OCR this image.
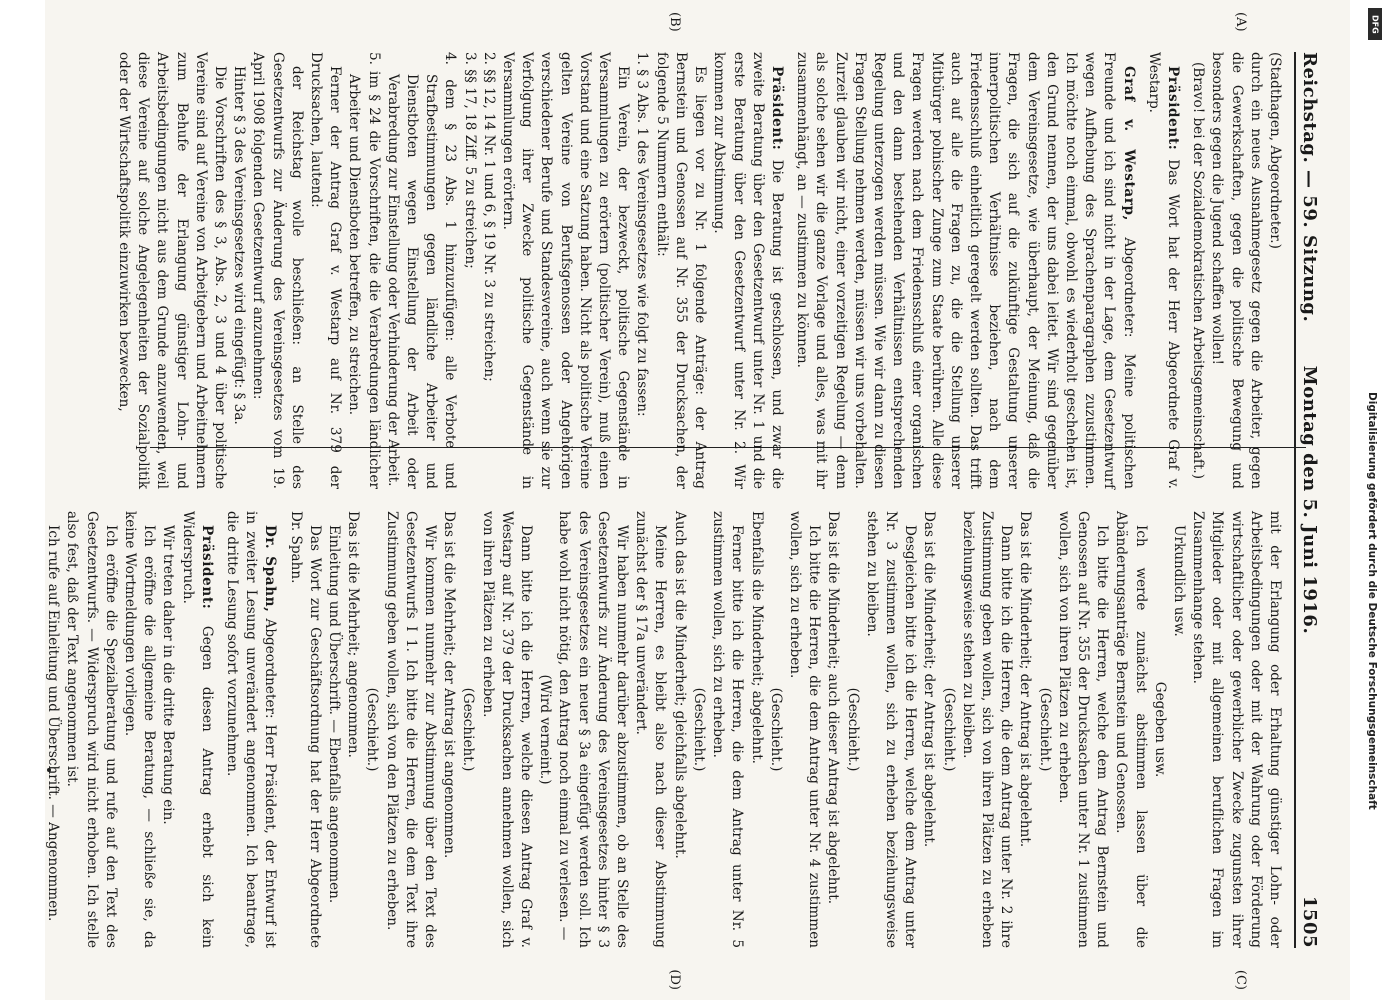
Reichstag. — 59. Sitzung.
Montag den 5. Juni 1916.
1505
(A)
(B)

(Stadthagen, Abgeordneter.)

durch ein neues Ausnahmegesetz gegen die Arbeiter, gegen die Gewerkschaften, gegen die politische Bewegung und besonders gegen die Jugend schaffen wollen!

(Bravo! bei der Sozialdemokratischen Arbeitsgemeinschaft.)

Präsident: Das Wort hat der Herr Abgeordnete Graf v. Westarp.

Graf v. Westarp, Abgeordneter: Meine politischen Freunde und ich sind nicht in der Lage, dem Gesetzentwurf wegen Aufhebung des Sprachenparagraphen zuzustimmen. Ich möchte noch einmal, obwohl es wiederholt geschehen ist, den Grund nennen, der uns dabei leitet. Wir sind gegenüber dem Vereinsgesetze, wie überhaupt, der Meinung, daß die Fragen, die sich auf die zukünftige Gestaltung unserer innerpolitischen Verhältnisse beziehen, nach dem Friedensschluß einheitlich geregelt werden sollten. Das trifft auch auf alle die Fragen zu, die die Stellung unserer Mitbürger polnischer Zunge zum Staate berühren. Alle diese Fragen werden nach dem Friedensschluß einer organischen und den dann bestehenden Verhältnissen entsprechenden Regelung unterzogen werden müssen. Wie wir dann zu diesen Fragen Stellung nehmen werden, müssen wir uns vorbehalten. Zurzeit glauben wir nicht, einer vorzeitigen Regelung — denn als solche sehen wir die ganze Vorlage und alles, was mit ihr zusammenhängt, an — zustimmen zu können.

Präsident: Die Beratung ist geschlossen, und zwar die zweite Beratung über den Gesetzentwurf unter Nr. 1 und die erste Beratung über den Gesetzentwurf unter Nr. 2. Wir kommen zur Abstimmung.

Es liegen vor zu Nr. 1 folgende Anträge: der Antrag Bernstein und Genossen auf Nr. 355 der Drucksachen, der folgende 5 Nummern enthält:

1. § 3 Abs. 1 des Vereinsgesetzes wie folgt zu fassen:

Ein Verein, der bezweckt, politische Gegenstände in Versammlungen zu erörtern (politischer Verein), muß einen Vorstand und eine Satzung haben. Nicht als politische Vereine gelten Vereine von Berufsgenossen oder Angehörigen verschiedener Berufe und Standesvereine, auch wenn sie zur Verfolgung ihrer Zwecke politische Gegenstände in Versammlungen erörtern.

2. §§ 12, 14 Nr. 1 und 6, § 19 Nr. 3 zu streichen;

3. §§ 17, 18 Ziff. 5 zu streichen;

4. dem § 23 Abs. 1 hinzuzufügen: alle Verbote und Strafbestimmungen gegen ländliche Arbeiter und Dienstboten wegen Einstellung der Arbeit oder Verabredung zur Einstellung oder Verhinderung der Arbeit.

5. im § 24 die Vorschriften, die die Verabredungen ländlicher Arbeiter und Dienstboten betreffen, zu streichen.

Ferner der Antrag Graf v. Westarp auf Nr. 379 der Drucksachen, lautend:

der Reichstag wolle beschließen: an Stelle des Gesetzentwurfs zur Änderung des Vereinsgesetzes vom 19. April 1908 folgenden Gesetzentwurf anzunehmen:

Hinter § 3 des Vereinsgesetzes wird eingefügt: § 3a.

Die Vorschriften des § 3, Abs. 2, 3 und 4 über politische Vereine sind auf Vereine von Arbeitgebern und Arbeitnehmern zum Behufe der Erlangung günstiger Lohn- und Arbeitsbedingungen nicht aus dem Grunde anzuwenden, weil diese Vereine auf solche Angelegenheiten der Sozialpolitik oder der Wirtschaftspolitik einzuwirken bezwecken,

(C)
(D)

mit der Erlangung oder Erhaltung günstiger Lohn- oder Arbeitsbedingungen oder mit der Wahrung oder Förderung wirtschaftlicher oder gewerblicher Zwecke zugunsten ihrer Mitglieder oder mit allgemeinen beruflichen Fragen im Zusammenhange stehen.

Urkundlich usw.

Gegeben usw.

Ich werde zunächst abstimmen lassen über die Abänderungsanträge Bernstein und Genossen.

Ich bitte die Herren, welche dem Antrag Bernstein und Genossen auf Nr. 355 der Drucksachen unter Nr. 1 zustimmen wollen, sich von ihren Plätzen zu erheben.

(Geschieht.)

Das ist die Minderheit; der Antrag ist abgelehnt.

Dann bitte ich die Herren, die dem Antrag unter Nr. 2 ihre Zustimmung geben wollen, sich von ihren Plätzen zu erheben beziehungsweise stehen zu bleiben.

(Geschieht.)

Das ist die Minderheit; der Antrag ist abgelehnt.

Desgleichen bitte ich die Herren, welche dem Antrag unter Nr. 3 zustimmen wollen, sich zu erheben beziehungsweise stehen zu bleiben.

(Geschieht.)

Das ist die Minderheit; auch dieser Antrag ist abgelehnt.

Ich bitte die Herren, die dem Antrag unter Nr. 4 zustimmen wollen, sich zu erheben.

(Geschieht.)

Ebenfalls die Minderheit; abgelehnt.

Ferner bitte ich die Herren, die dem Antrag unter Nr. 5 zustimmen wollen, sich zu erheben.

(Geschieht.)

Auch das ist die Minderheit; gleichfalls abgelehnt.

Meine Herren, es bleibt also nach dieser Abstimmung zunächst der § 17a unverändert.

Wir haben nunmehr darüber abzustimmen, ob an Stelle des Gesetzentwurfs zur Änderung des Vereinsgesetzes hinter § 3 des Vereinsgesetzes ein neuer § 3a eingefügt werden soll. Ich habe wohl nicht nötig, den Antrag noch einmal zu verlesen. —

(Wird verneint.)

Dann bitte ich die Herren, welche diesen Antrag Graf v. Westarp auf Nr. 379 der Drucksachen annehmen wollen, sich von ihren Plätzen zu erheben.

(Geschieht.)

Das ist die Mehrheit; der Antrag ist angenommen.

Wir kommen nunmehr zur Abstimmung über den Text des Gesetzentwurfs I 1. Ich bitte die Herren, die dem Text ihre Zustimmung geben wollen, sich von den Plätzen zu erheben.

(Geschieht.)

Das ist die Mehrheit; angenommen.

Einleitung und Überschrift. — Ebenfalls angenommen.

Das Wort zur Geschäftsordnung hat der Herr Abgeordnete Dr. Spahn.

Dr. Spahn, Abgeordneter: Herr Präsident, der Entwurf ist in zweiter Lesung unverändert angenommen. Ich beantrage, die dritte Lesung sofort vorzunehmen.

Präsident: Gegen diesen Antrag erhebt sich kein Widerspruch.

Wir treten daher in die dritte Beratung ein.

Ich eröffne die allgemeine Beratung, — schließe sie, da keine Wortmeldungen vorliegen.

Ich eröffne die Spezialberatung und rufe auf den Text des Gesetzentwurfs. — Widerspruch wird nicht erhoben. Ich stelle also fest, daß der Text angenommen ist.

Ich rufe auf Einleitung und Überschrift. — Angenommen.

DFG
Digitalisierung gefördert durch die Deutsche Forschungsgemeinschaft
